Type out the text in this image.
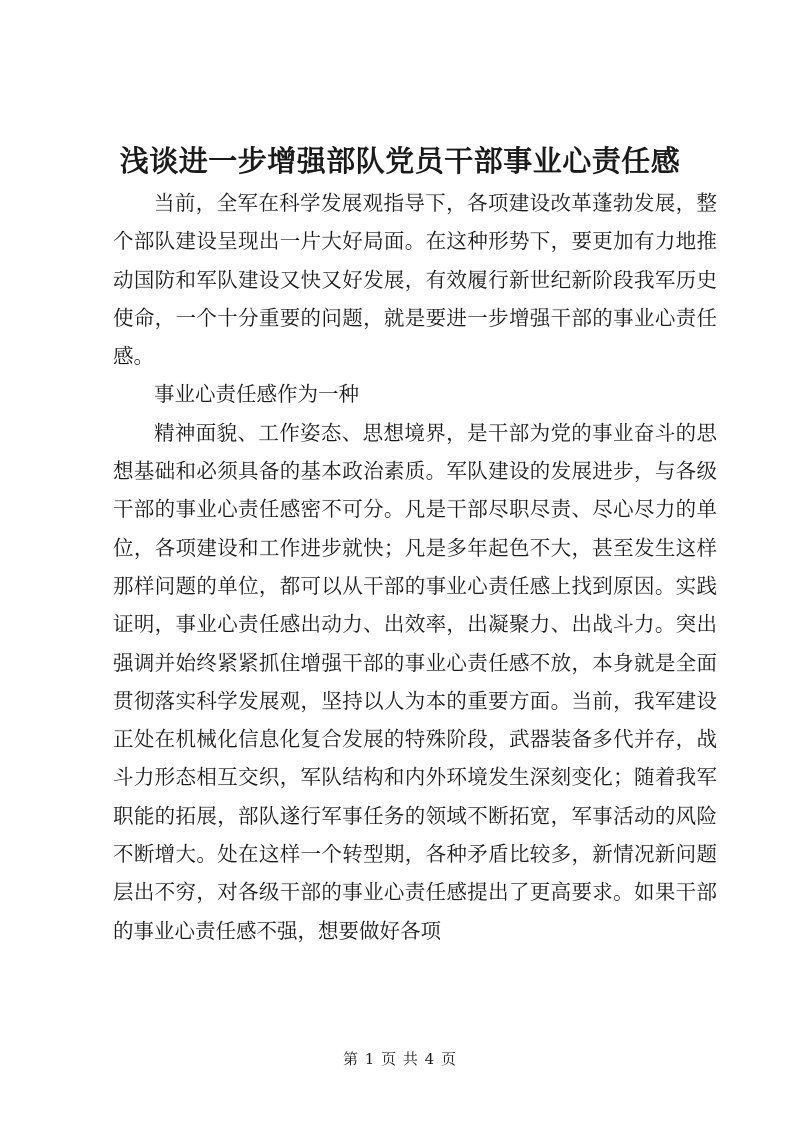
浅谈进一步增强部队党员干部事业心责任感

当前，全军在科学发展观指导下，各项建设改革蓬勃发展，整个部队建设呈现出一片大好局面。在这种形势下，要更加有力地推动国防和军队建设又快又好发展，有效履行新世纪新阶段我军历史使命，一个十分重要的问题，就是要进一步增强干部的事业心责任感。

事业心责任感作为一种

精神面貌、工作姿态、思想境界，是干部为党的事业奋斗的思想基础和必须具备的基本政治素质。军队建设的发展进步，与各级干部的事业心责任感密不可分。凡是干部尽职尽责、尽心尽力的单位，各项建设和工作进步就快；凡是多年起色不大，甚至发生这样那样问题的单位，都可以从干部的事业心责任感上找到原因。实践证明，事业心责任感出动力、出效率，出凝聚力、出战斗力。突出强调并始终紧紧抓住增强干部的事业心责任感不放，本身就是全面贯彻落实科学发展观，坚持以人为本的重要方面。当前，我军建设正处在机械化信息化复合发展的特殊阶段，武器装备多代并存，战斗力形态相互交织，军队结构和内外环境发生深刻变化；随着我军职能的拓展，部队遂行军事任务的领域不断拓宽，军事活动的风险不断增大。处在这样一个转型期，各种矛盾比较多，新情况新问题层出不穷，对各级干部的事业心责任感提出了更高要求。如果干部的事业心责任感不强，想要做好各项

第 1 页 共 4 页
